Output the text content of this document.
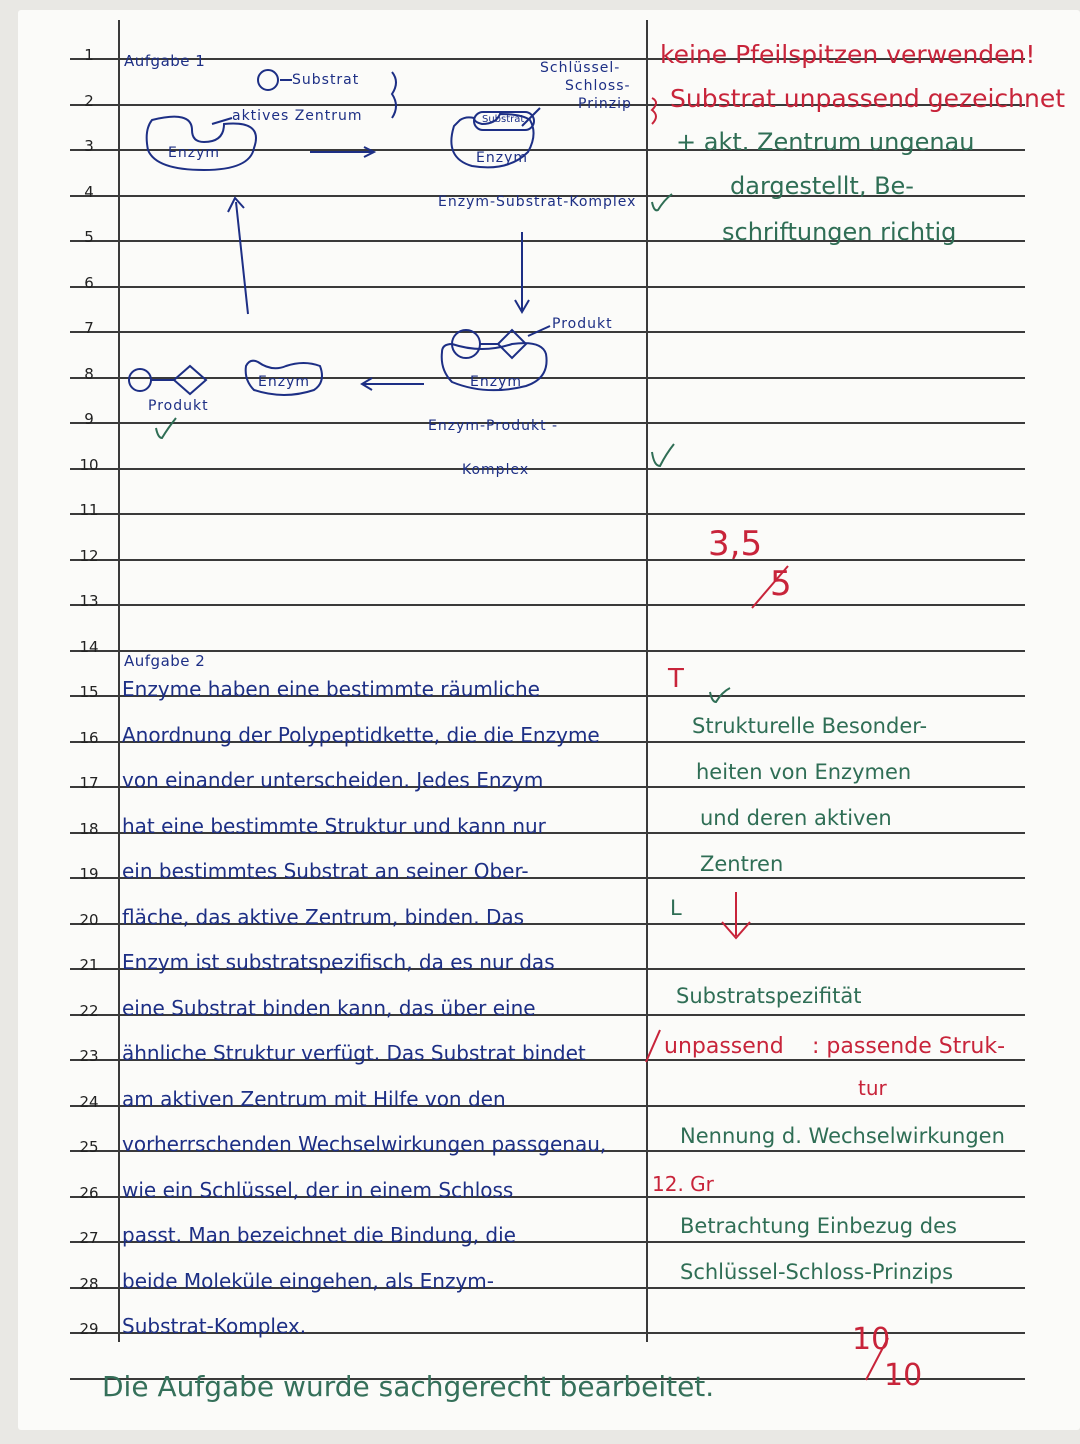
1
2
3
4
5
6
7
8
9
10
11
12
13
14
15
16
17
18
19
20
21
22
23
24
25
26
27
28
29
Aufgabe 1
Substrat
aktives Zentrum
Enzym
Schlüssel-
Schloss-
Prinzip
Substrat
Enzym
Enzym-Substrat-Komplex
Produkt
Enzym
Enzym-Produkt -
Komplex
Enzym
Produkt
keine Pfeilspitzen verwenden!
Substrat unpassend gezeichnet
+ akt. Zentrum ungenau
dargestellt, Be-
schriftungen richtig
3,5
5
Aufgabe 2
Enzyme haben eine bestimmte räumliche
Anordnung der Polypeptidkette, die die Enzyme
von einander unterscheiden. Jedes Enzym
hat eine bestimmte Struktur und kann nur
ein bestimmtes Substrat an seiner Ober-
fläche, das aktive Zentrum, binden. Das
Enzym ist substratspezifisch, da es nur das
eine Substrat binden kann, das über eine
ähnliche Struktur verfügt. Das Substrat bindet
am aktiven Zentrum mit Hilfe von den
vorherrschenden Wechselwirkungen passgenau,
wie ein Schlüssel, der in einem Schloss
passt. Man bezeichnet die Bindung, die
beide Moleküle eingehen, als Enzym-
Substrat-Komplex.
T
Strukturelle Besonder-
heiten von Enzymen
und deren aktiven
Zentren
L
Substratspezifität
unpassend : passende Struk-
tur
Nennung d. Wechselwirkungen
12. Gr
Betrachtung Einbezug des
Schlüssel-Schloss-Prinzips
10
10
Die Aufgabe wurde sachgerecht bearbeitet.
